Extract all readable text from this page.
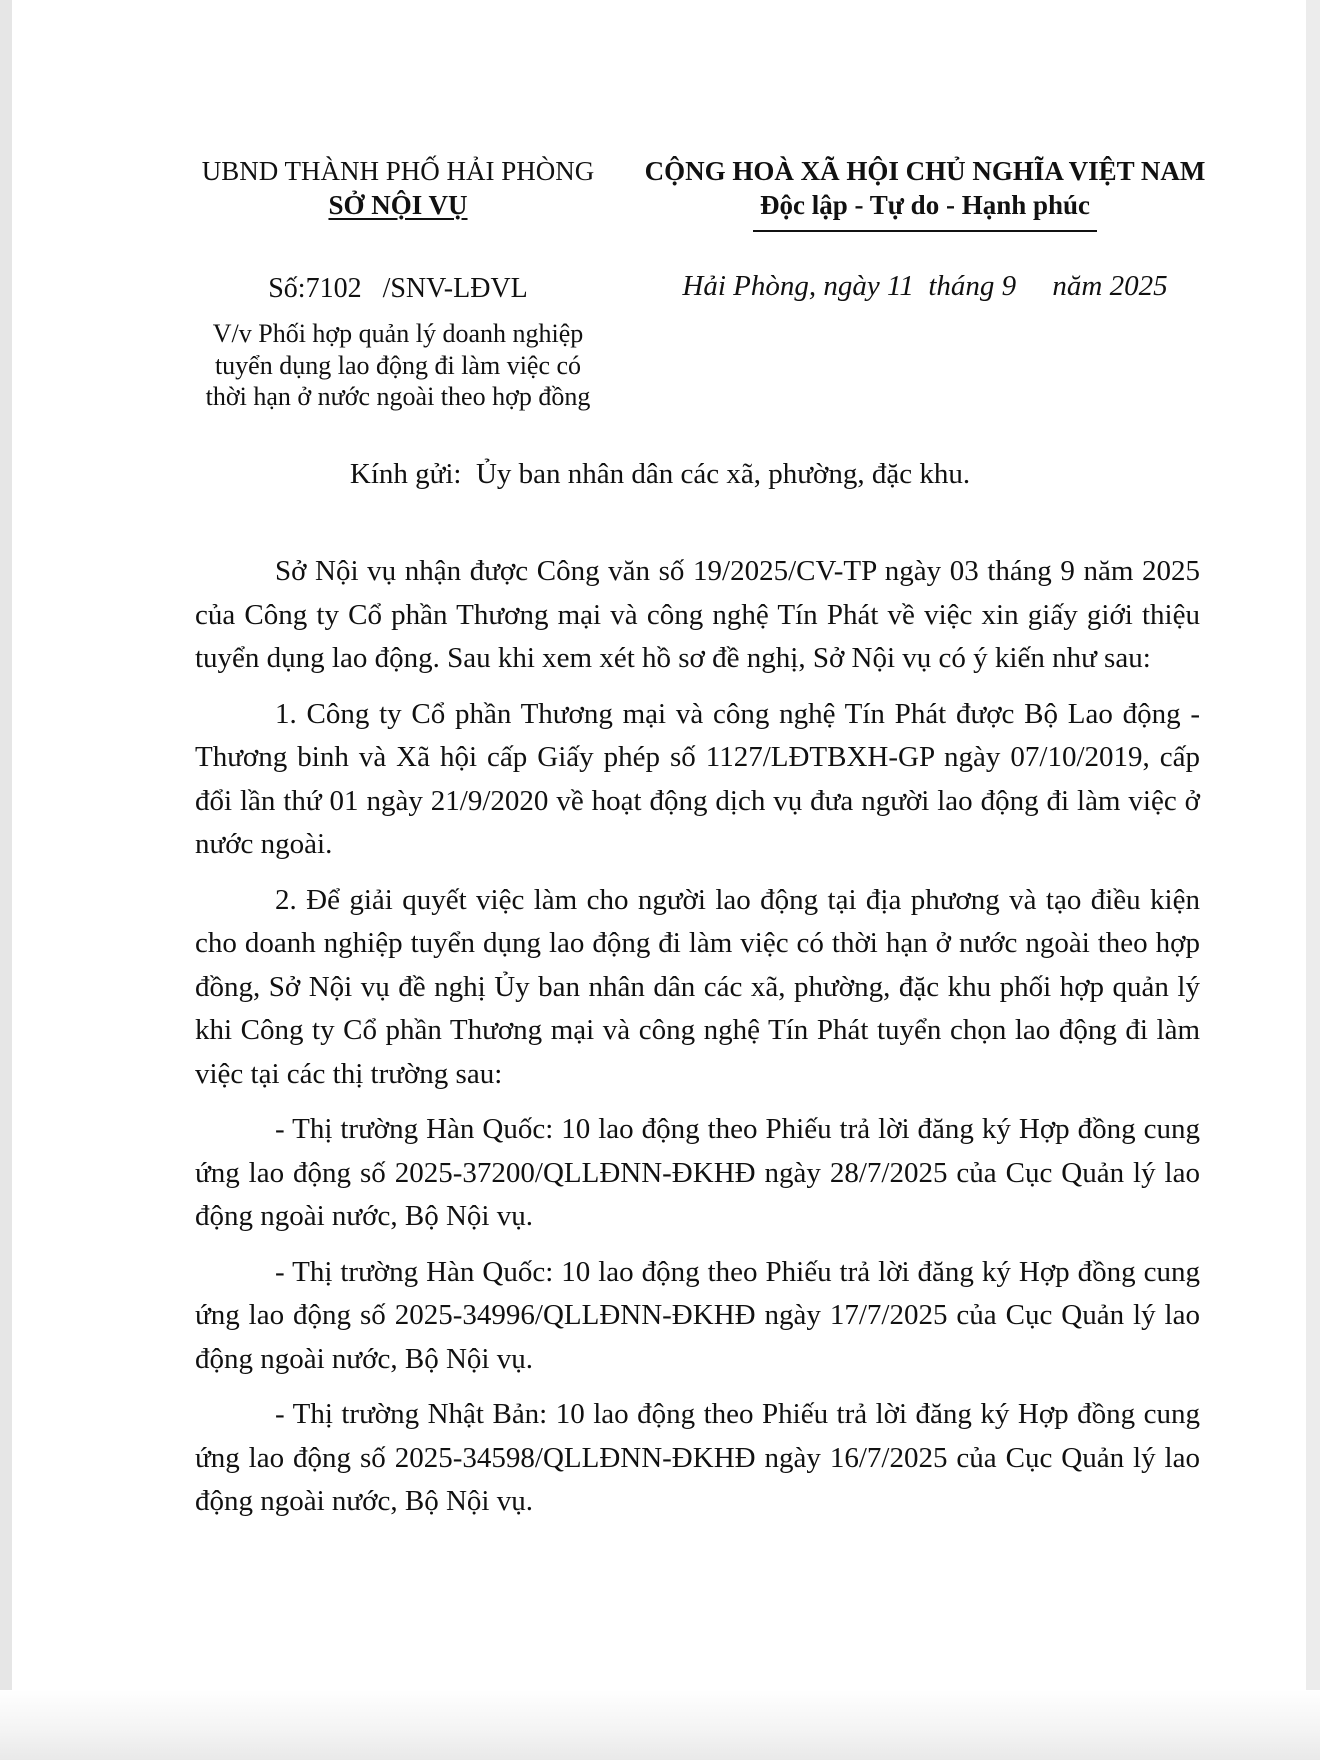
UBND THÀNH PHỐ HẢI PHÒNG
SỞ NỘI VỤ
CỘNG HOÀ XÃ HỘI CHỦ NGHĨA VIỆT NAM
Độc lập - Tự do - Hạnh phúc
Số:7102   /SNV-LĐVL	Hải Phòng, ngày 11  tháng 9     năm 2025
V/v Phối hợp quản lý doanh nghiệp
tuyển dụng lao động đi làm việc có
thời hạn ở nước ngoài theo hợp đồng
Kính gửi:  Ủy ban nhân dân các xã, phường, đặc khu.

Sở Nội vụ nhận được Công văn số 19/2025/CV-TP ngày 03 tháng 9 năm 2025 của Công ty Cổ phần Thương mại và công nghệ Tín Phát về việc xin giấy giới thiệu tuyển dụng lao động. Sau khi xem xét hồ sơ đề nghị, Sở Nội vụ có ý kiến như sau:

1. Công ty Cổ phần Thương mại và công nghệ Tín Phát được Bộ Lao động - Thương binh và Xã hội cấp Giấy phép số 1127/LĐTBXH-GP ngày 07/10/2019, cấp đổi lần thứ 01 ngày 21/9/2020 về hoạt động dịch vụ đưa người lao động đi làm việc ở nước ngoài.

2. Để giải quyết việc làm cho người lao động tại địa phương và tạo điều kiện cho doanh nghiệp tuyển dụng lao động đi làm việc có thời hạn ở nước ngoài theo hợp đồng, Sở Nội vụ đề nghị Ủy ban nhân dân các xã, phường, đặc khu phối hợp quản lý khi Công ty Cổ phần Thương mại và công nghệ Tín Phát tuyển chọn lao động đi làm việc tại các thị trường sau:

- Thị trường Hàn Quốc: 10 lao động theo Phiếu trả lời đăng ký Hợp đồng cung ứng lao động số 2025-37200/QLLĐNN-ĐKHĐ ngày 28/7/2025 của Cục Quản lý lao động ngoài nước, Bộ Nội vụ.

- Thị trường Hàn Quốc: 10 lao động theo Phiếu trả lời đăng ký Hợp đồng cung ứng lao động số 2025-34996/QLLĐNN-ĐKHĐ ngày 17/7/2025 của Cục Quản lý lao động ngoài nước, Bộ Nội vụ.

- Thị trường Nhật Bản: 10 lao động theo Phiếu trả lời đăng ký Hợp đồng cung ứng lao động số 2025-34598/QLLĐNN-ĐKHĐ ngày 16/7/2025 của Cục Quản lý lao động ngoài nước, Bộ Nội vụ.
